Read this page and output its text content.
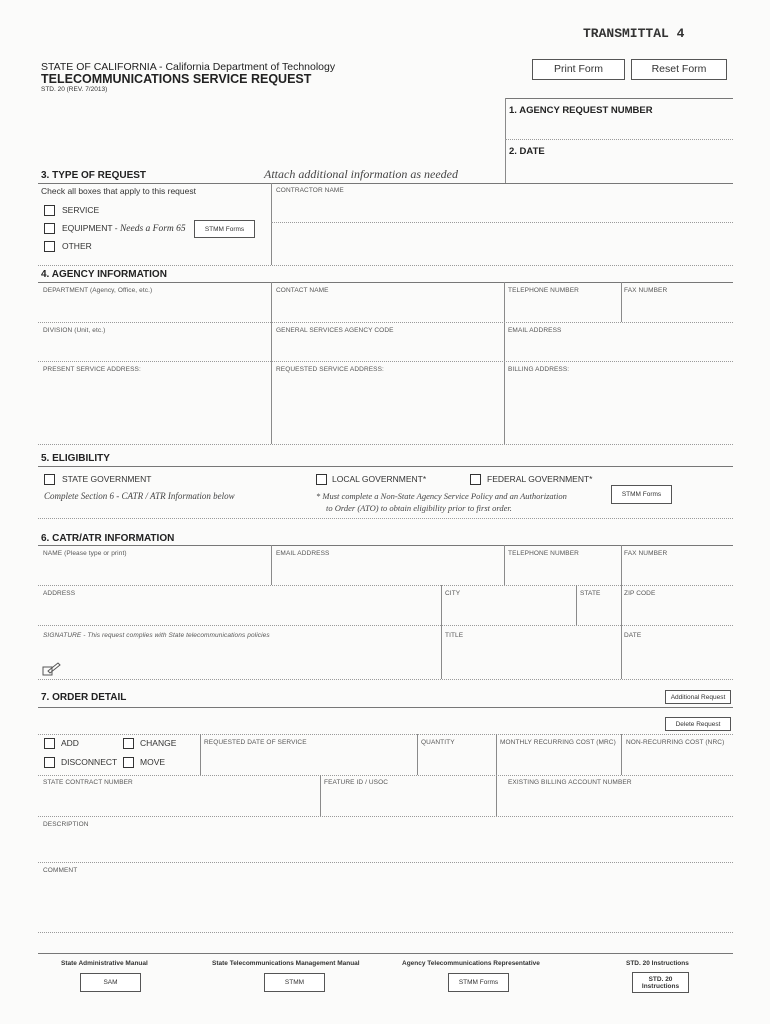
TRANSMITTAL 4
STATE OF CALIFORNIA - California Department of Technology
TELECOMMUNICATIONS SERVICE REQUEST
STD. 20 (REV. 7/2013)
Print Form	Reset Form
1. AGENCY REQUEST NUMBER
2. DATE
3. TYPE OF REQUEST	Attach additional information as needed
Check all boxes that apply to this request	CONTRACTOR NAME
SERVICE
EQUIPMENT - Needs a Form 65	STMM Forms
OTHER
4. AGENCY INFORMATION
DEPARTMENT (Agency, Office, etc.)	CONTACT NAME	TELEPHONE NUMBER	FAX NUMBER
DIVISION (Unit, etc.)	GENERAL SERVICES AGENCY CODE	EMAIL ADDRESS
PRESENT SERVICE ADDRESS:	REQUESTED SERVICE ADDRESS:	BILLING ADDRESS:
5. ELIGIBILITY
STATE GOVERNMENT	LOCAL GOVERNMENT*	FEDERAL GOVERNMENT*
Complete Section 6 - CATR / ATR Information below	* Must complete a Non-State Agency Service Policy and an Authorization
to Order (ATO) to obtain eligibility prior to first order.
STMM Forms
6. CATR/ATR INFORMATION
NAME (Please type or print)	EMAIL ADDRESS	TELEPHONE NUMBER	FAX NUMBER
ADDRESS	CITY	STATE	ZIP CODE
SIGNATURE - This request complies with State telecommunications policies	TITLE	DATE
7. ORDER DETAIL	Additional Request
Delete Request
ADD	CHANGE
DISCONNECT	MOVE
REQUESTED DATE OF SERVICE	QUANTITY	MONTHLY RECURRING COST (MRC) NON-RECURRING COST (NRC)
STATE CONTRACT NUMBER	FEATURE ID / USOC	EXISTING BILLING ACCOUNT NUMBER
DESCRIPTION
COMMENT
State Administrative Manual
SAM
State Telecommunications Management Manual
STMM
Agency Telecommunications Representative
STMM Forms
STD. 20 Instructions
STD. 20
Instructions
